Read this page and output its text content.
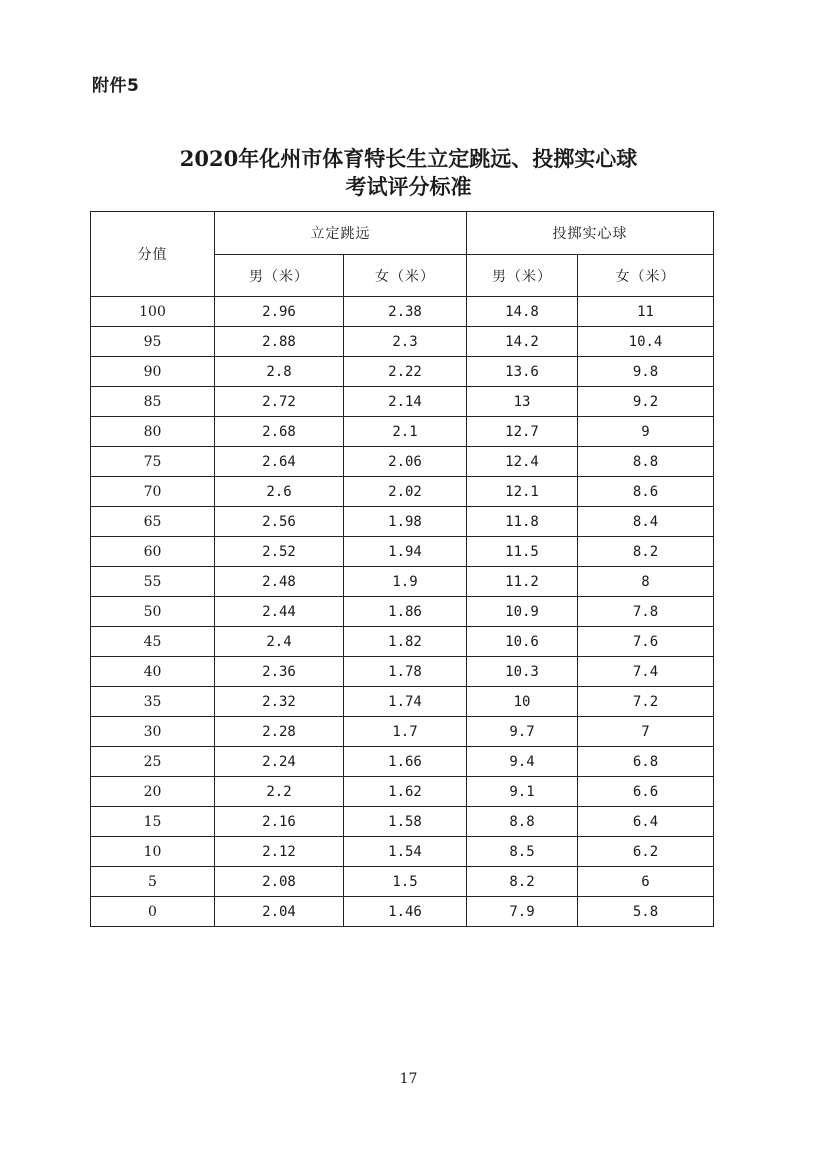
附件5
2020年化州市体育特长生立定跳远、投掷实心球
考试评分标准
分值	立定跳远		投掷实心球	
	男（米）	女（米）	男（米）	女（米）
100	2.96	2.38	14.8	11
95	2.88	2.3	14.2	10.4
90	2.8	2.22	13.6	9.8
85	2.72	2.14	13	9.2
80	2.68	2.1	12.7	9
75	2.64	2.06	12.4	8.8
70	2.6	2.02	12.1	8.6
65	2.56	1.98	11.8	8.4
60	2.52	1.94	11.5	8.2
55	2.48	1.9	11.2	8
50	2.44	1.86	10.9	7.8
45	2.4	1.82	10.6	7.6
40	2.36	1.78	10.3	7.4
35	2.32	1.74	10	7.2
30	2.28	1.7	9.7	7
25	2.24	1.66	9.4	6.8
20	2.2	1.62	9.1	6.6
15	2.16	1.58	8.8	6.4
10	2.12	1.54	8.5	6.2
5	2.08	1.5	8.2	6
0	2.04	1.46	7.9	5.8
17
